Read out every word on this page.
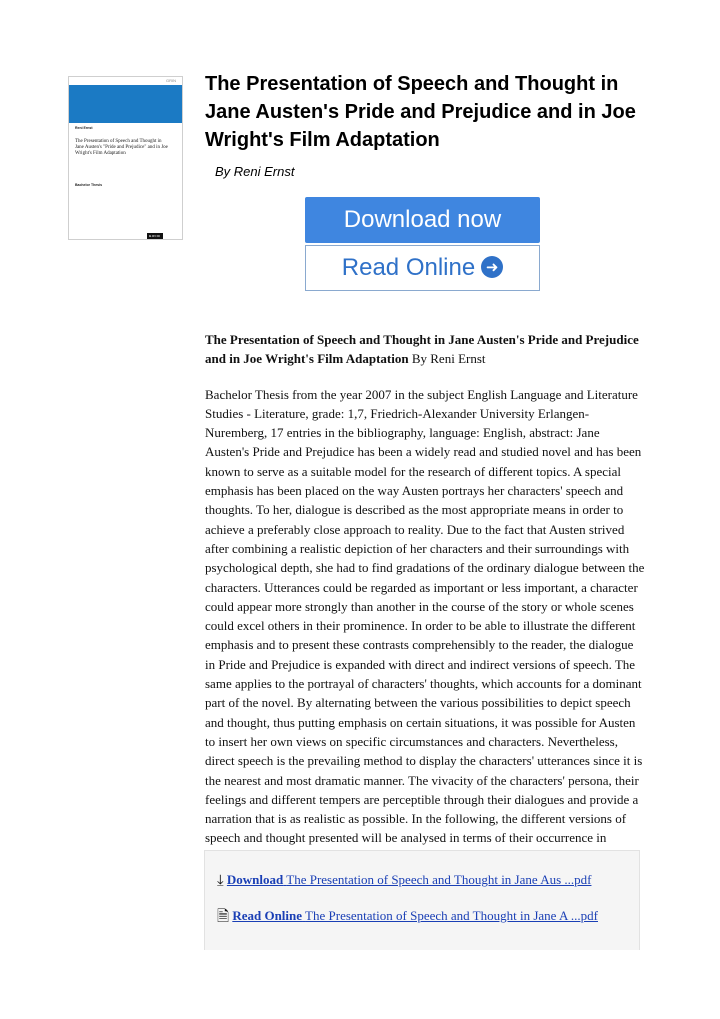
GRIN
Reni Ernst
The Presentation of Speech and Thought in Jane Austen's "Pride and Prejudice" and in Joe Wright's Film Adaptation
Bachelor Thesis
GRIN
The Presentation of Speech and Thought in Jane Austen's Pride and Prejudice and in Joe Wright's Film Adaptation
By Reni Ernst
Download now
Read Online ➜

The Presentation of Speech and Thought in Jane Austen's Pride and Prejudice and in Joe Wright's Film Adaptation By Reni Ernst

Bachelor Thesis from the year 2007 in the subject English Language and Literature Studies - Literature, grade: 1,7, Friedrich-Alexander University Erlangen-Nuremberg, 17 entries in the bibliography, language: English, abstract: Jane Austen's Pride and Prejudice has been a widely read and studied novel and has been known to serve as a suitable model for the research of different topics. A special emphasis has been placed on the way Austen portrays her characters' speech and thoughts. To her, dialogue is described as the most appropriate means in order to achieve a preferably close approach to reality. Due to the fact that Austen strived after combining a realistic depiction of her characters and their surroundings with psychological depth, she had to find gradations of the ordinary dialogue between the characters. Utterances could be regarded as important or less important, a character could appear more strongly than another in the course of the story or whole scenes could excel others in their prominence. In order to be able to illustrate the different emphasis and to present these contrasts comprehensibly to the reader, the dialogue in Pride and Prejudice is expanded with direct and indirect versions of speech. The same applies to the portrayal of characters' thoughts, which accounts for a dominant part of the novel. By alternating between the various possibilities to depict speech and thought, thus putting emphasis on certain situations, it was possible for Austen to insert her own views on specific circumstances and characters. Nevertheless, direct speech is the prevailing method to display the characters' utterances since it is the nearest and most dramatic manner. The vivacity of the characters' persona, their feelings and different tempers are perceptible through their dialogues and provide a narration that is as realistic as possible. In the following, the different versions of speech and thought presented will be analysed in terms of their occurrence in

⤓ Download The Presentation of Speech and Thought in Jane Aus ...pdf
🗎 Read Online The Presentation of Speech and Thought in Jane A ...pdf
